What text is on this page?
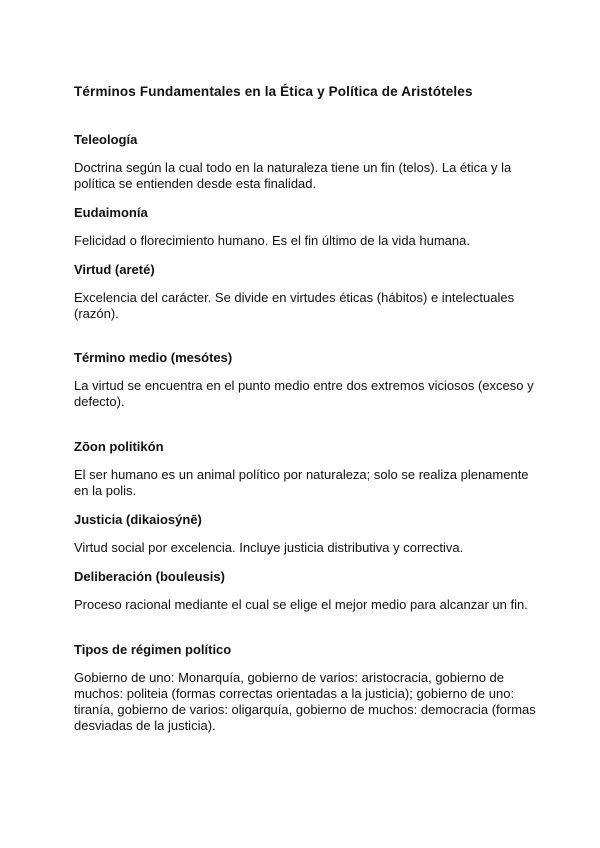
Términos Fundamentales en la Ética y Política de Aristóteles
Teleología

Doctrina según la cual todo en la naturaleza tiene un fin (telos). La ética y la política se entienden desde esta finalidad.

Eudaimonía

Felicidad o florecimiento humano. Es el fin último de la vida humana.

Virtud (areté)

Excelencia del carácter. Se divide en virtudes éticas (hábitos) e intelectuales (razón).

Término medio (mesótes)

La virtud se encuentra en el punto medio entre dos extremos viciosos (exceso y defecto).

Zōon politikón

El ser humano es un animal político por naturaleza; solo se realiza plenamente en la polis.

Justicia (dikaiosýnē)

Virtud social por excelencia. Incluye justicia distributiva y correctiva.

Deliberación (bouleusis)

Proceso racional mediante el cual se elige el mejor medio para alcanzar un fin.

Tipos de régimen político

Gobierno de uno: Monarquía, gobierno de varios: aristocracia, gobierno de muchos: politeia (formas correctas orientadas a la justicia); gobierno de uno: tiranía, gobierno de varios: oligarquía, gobierno de muchos: democracia (formas desviadas de la justicia).
